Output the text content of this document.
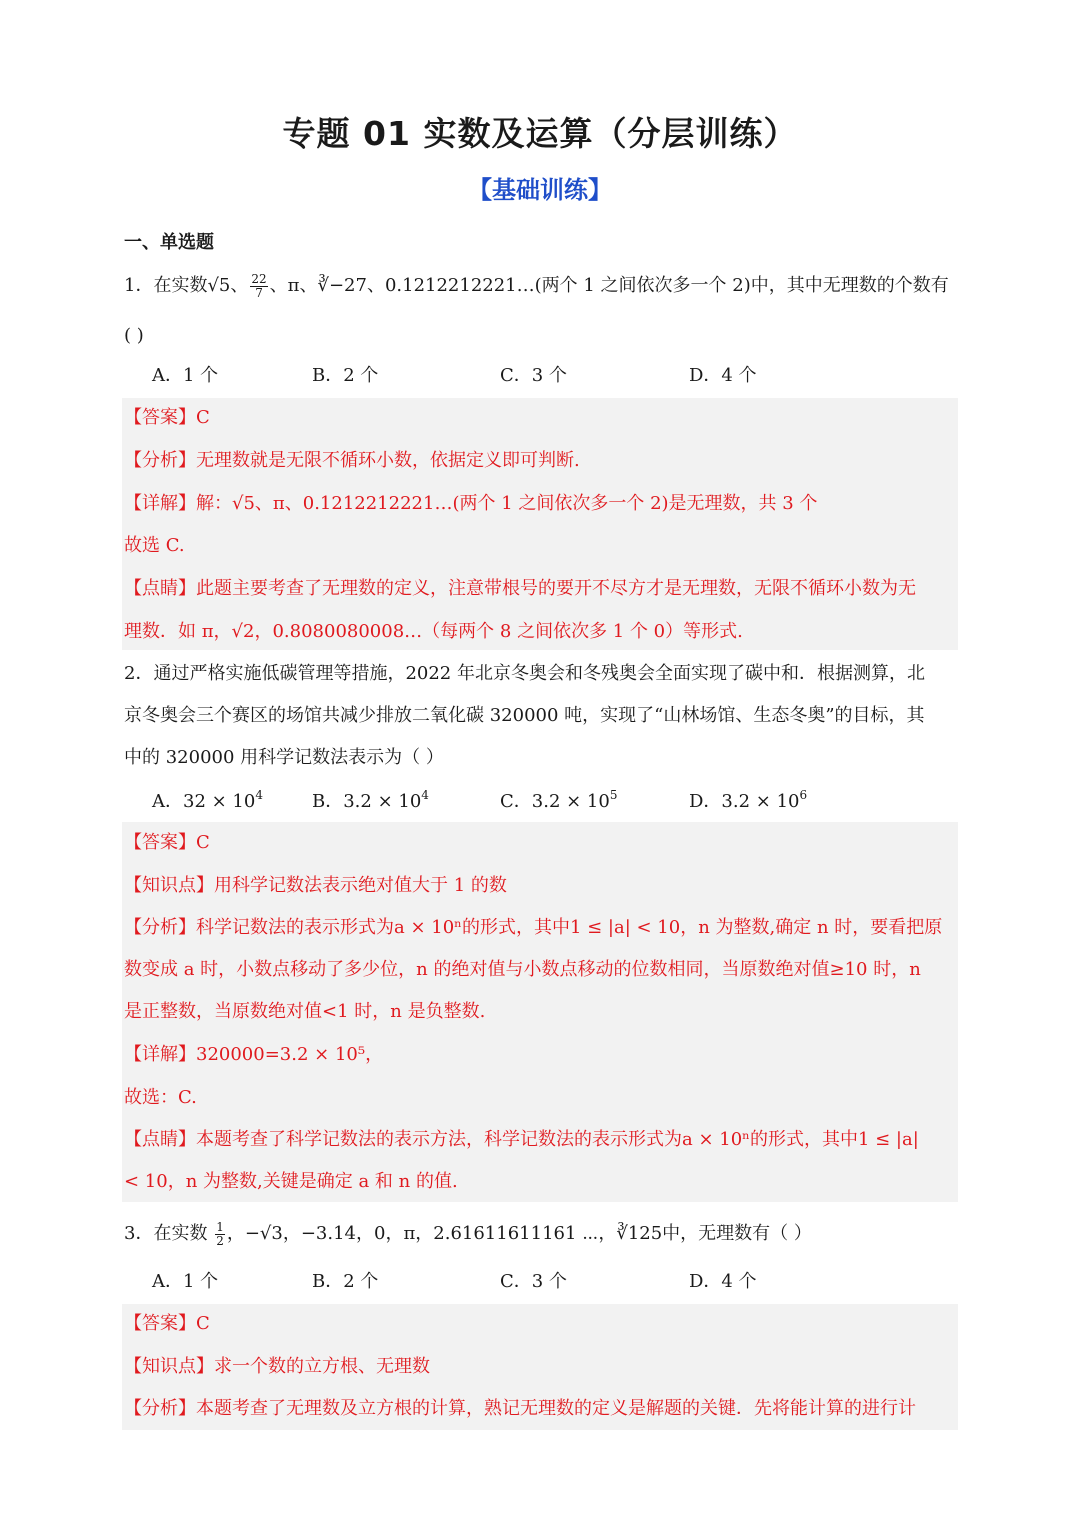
专题 01 实数及运算（分层训练）
【基础训练】
一、单选题
1．在实数√5、 $\frac{22}{7}$ 、π、∛−27、0.1212212221…(两个 1 之间依次多一个 2)中，其中无理数的个数有
( )
A．1 个	B．2 个	C．3 个	D．4 个
【答案】C
【分析】无理数就是无限不循环小数，依据定义即可判断.
【详解】解：√5、π、0.1212212221…(两个 1 之间依次多一个 2)是无理数，共 3 个
故选 C.
【点睛】此题主要考查了无理数的定义，注意带根号的要开不尽方才是无理数，无限不循环小数为无
理数．如 π，√2，0.8080080008…（每两个 8 之间依次多 1 个 0）等形式.
2．通过严格实施低碳管理等措施，2022 年北京冬奥会和冬残奥会全面实现了碳中和．根据测算，北
京冬奥会三个赛区的场馆共减少排放二氧化碳 320000 吨，实现了“山林场馆、生态冬奥”的目标，其
中的 320000 用科学记数法表示为（ ）
A．$32 \times 10^4$	B．$3.2 \times 10^4$	C．$3.2 \times 10^5$	D．$3.2 \times 10^6$
【答案】C
【知识点】用科学记数法表示绝对值大于 1 的数
【分析】科学记数法的表示形式为a × 10ⁿ的形式，其中1 ≤ |a| < 10，n 为整数,确定 n 时，要看把原
数变成 a 时，小数点移动了多少位，n 的绝对值与小数点移动的位数相同，当原数绝对值≥10 时，n
是正整数，当原数绝对值<1 时，n 是负整数.
【详解】320000=3.2 × 10⁵，
故选：C.
【点睛】本题考查了科学记数法的表示方法，科学记数法的表示形式为a × 10ⁿ的形式，其中1 ≤ |a|
< 10，n 为整数,关键是确定 a 和 n 的值.
3．在实数 $\frac{1}{2}$ ，−√3，−3.14，0，π，2.61611611161 ⋯，∛125中，无理数有（ ）
A．1 个	B．2 个	C．3 个	D．4 个
【答案】C
【知识点】求一个数的立方根、无理数
【分析】本题考查了无理数及立方根的计算，熟记无理数的定义是解题的关键．先将能计算的进行计
